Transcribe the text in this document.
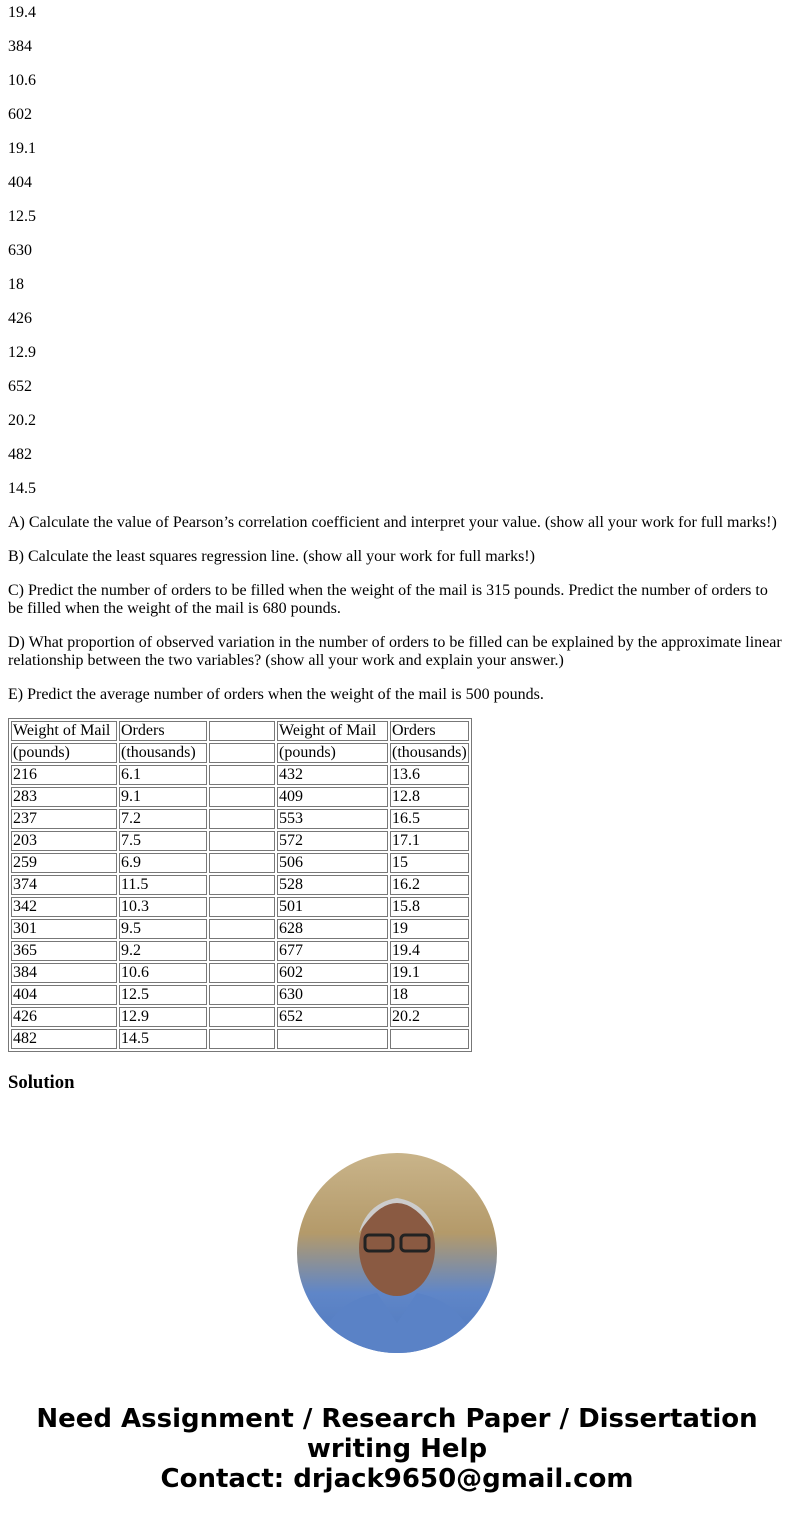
19.4

384

10.6

602

19.1

404

12.5

630

18

426

12.9

652

20.2

482

14.5

A) Calculate the value of Pearson’s correlation coefficient and interpret your value. (show all your work for full marks!)

B) Calculate the least squares regression line. (show all your work for full marks!)

C) Predict the number of orders to be filled when the weight of the mail is 315 pounds. Predict the number of orders to be filled when the weight of the mail is 680 pounds.

D) What proportion of observed variation in the number of orders to be filled can be explained by the approximate linear relationship between the two variables? (show all your work and explain your answer.)

E) Predict the average number of orders when the weight of the mail is 500 pounds.

Weight of Mail	Orders		Weight of Mail	Orders
(pounds)	(thousands)		(pounds)	(thousands)
216	6.1		432	13.6
283	9.1		409	12.8
237	7.2		553	16.5
203	7.5		572	17.1
259	6.9		506	15
374	11.5		528	16.2
342	10.3		501	15.8
301	9.5		628	19
365	9.2		677	19.4
384	10.6		602	19.1
404	12.5		630	18
426	12.9		652	20.2
482	14.5			
Solution
Need Assignment / Research Paper / Dissertation
writing Help
Contact: drjack9650@gmail.com
